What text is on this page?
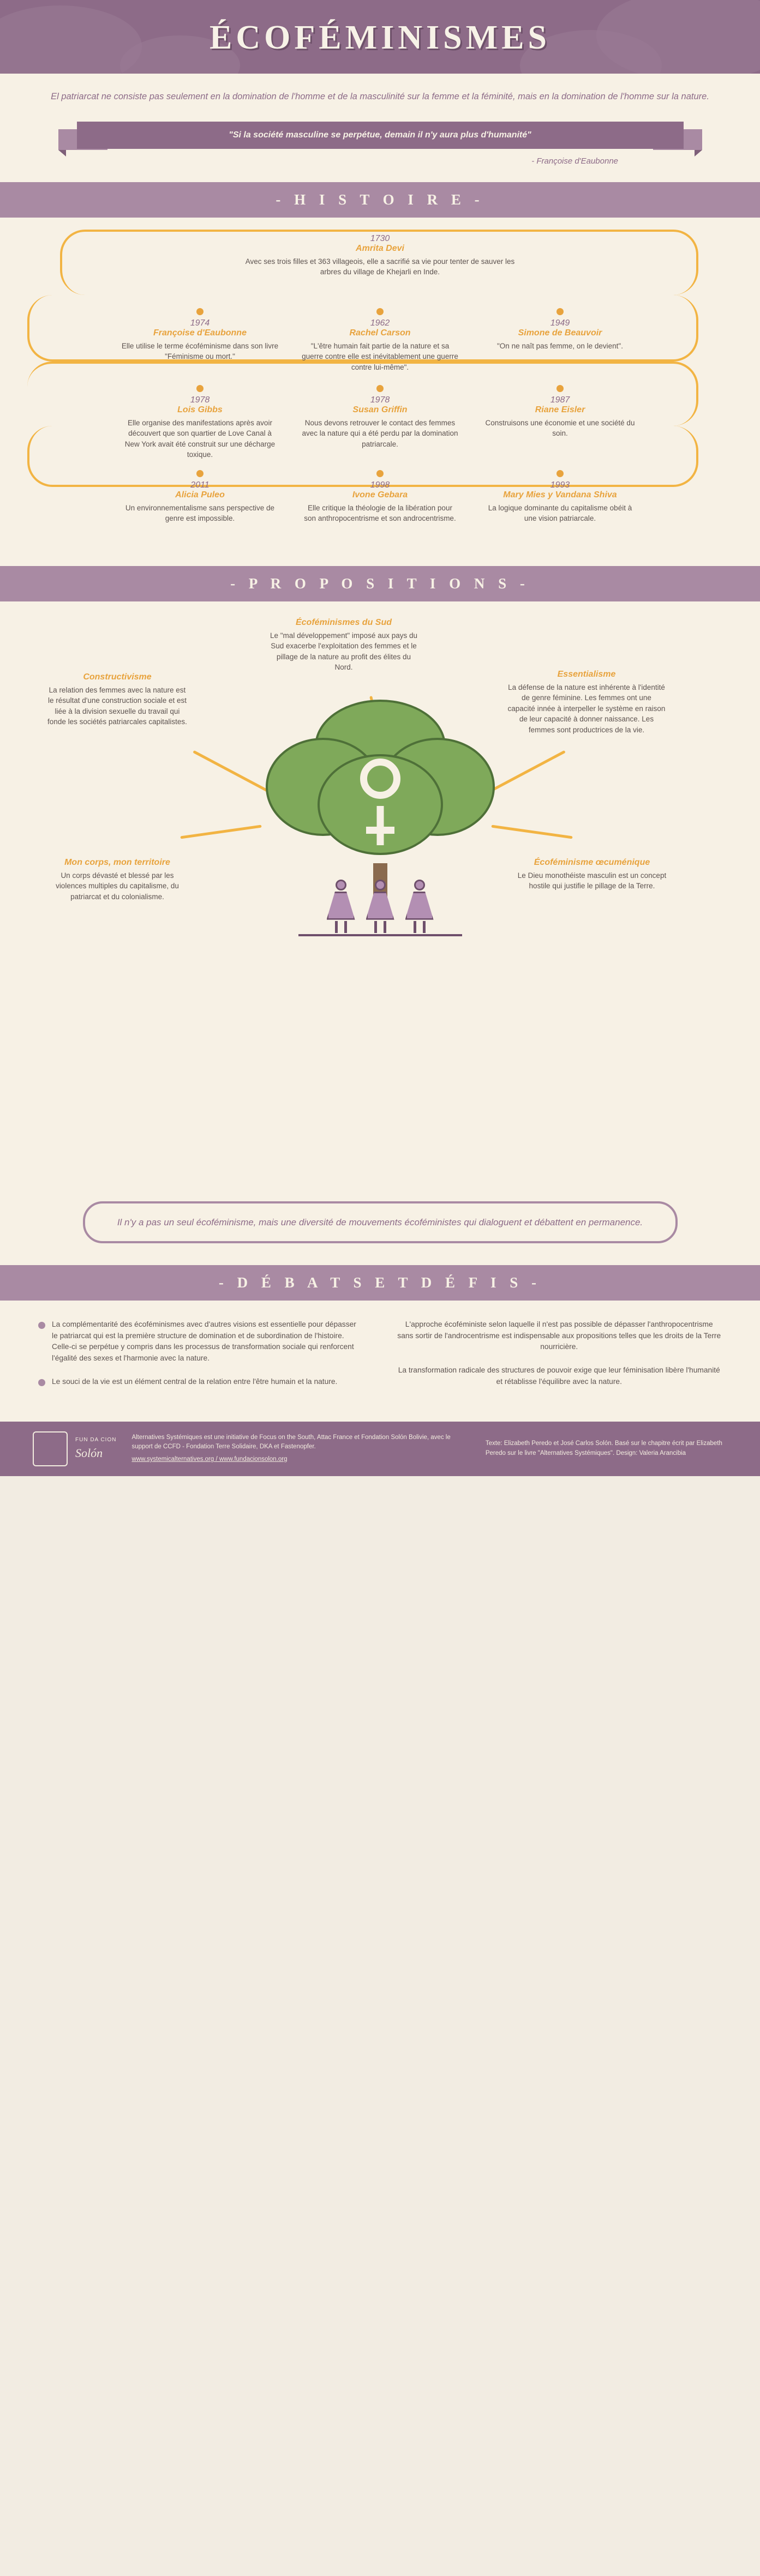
ÉCOFÉMINISMES

El patriarcat ne consiste pas seulement en la domination de l'homme et de la masculinité sur la femme et la féminité, mais en la domination de l'homme sur la nature.

"Si la société masculine se perpétue, demain il n'y aura plus d'humanité"
- Françoise d'Eaubonne
- H I S T O I R E -
1730
Amrita Devi
Avec ses trois filles et 363 villageois, elle a sacrifié sa vie pour tenter de sauver les arbres du village de Khejarli en Inde.
1974
Françoise d'Eaubonne
Elle utilise le terme écoféminisme dans son livre "Féminisme ou mort."
1962
Rachel Carson
"L'être humain fait partie de la nature et sa guerre contre elle est inévitablement une guerre contre lui-même".
1949
Simone de Beauvoir
"On ne naît pas femme, on le devient".
1978
Lois Gibbs
Elle organise des manifestations après avoir découvert que son quartier de Love Canal à New York avait été construit sur une décharge toxique.
1978
Susan Griffin
Nous devons retrouver le contact des femmes avec la nature qui a été perdu par la domination patriarcale.
1987
Riane Eisler
Construisons une économie et une société du soin.
2011
Alicia Puleo
Un environnementalisme sans perspective de genre est impossible.
1998
Ivone Gebara
Elle critique la théologie de la libération pour son anthropocentrisme et son androcentrisme.
1993
Mary Mies y Vandana Shiva
La logique dominante du capitalisme obéit à une vision patriarcale.
- P R O P O S I T I O N S -
Écoféminismes du Sud
Le "mal développement" imposé aux pays du Sud exacerbe l'exploitation des femmes et le pillage de la nature au profit des élites du Nord.
Constructivisme
La relation des femmes avec la nature est le résultat d'une construction sociale et est liée à la division sexuelle du travail qui fonde les sociétés patriarcales capitalistes.
Essentialisme
La défense de la nature est inhérente à l'identité de genre féminine. Les femmes ont une capacité innée à interpeller le système en raison de leur capacité à donner naissance. Les femmes sont productrices de la vie.
Mon corps, mon territoire
Un corps dévasté et blessé par les violences multiples du capitalisme, du patriarcat et du colonialisme.
Écoféminisme œcuménique
Le Dieu monothéiste masculin est un concept hostile qui justifie le pillage de la Terre.
Il n'y a pas un seul écoféminisme, mais une diversité de mouvements écoféministes qui dialoguent et débattent en permanence.
- D É B A T S E T D É F I S -
La complémentarité des écoféminismes avec d'autres visions est essentielle pour dépasser le patriarcat qui est la première structure de domination et de subordination de l'histoire. Celle-ci se perpétue y compris dans les processus de transformation sociale qui renforcent l'égalité des sexes et l'harmonie avec la nature.
Le souci de la vie est un élément central de la relation entre l'être humain et la nature.
L'approche écoféministe selon laquelle il n'est pas possible de dépasser l'anthropocentrisme sans sortir de l'androcentrisme est indispensable aux propositions telles que les droits de la Terre nourricière.
La transformation radicale des structures de pouvoir exige que leur féminisation libère l'humanité et rétablisse l'équilibre avec la nature.
FUN DA CION
Solón
Alternatives Systémiques est une initiative de Focus on the South, Attac France et Fondation Solón Bolivie, avec le support de CCFD - Fondation Terre Solidaire, DKA et Fastenopfer.
www.systemicalternatives.org / www.fundacionsolon.org
Texte: Elizabeth Peredo et José Carlos Solón. Basé sur le chapitre écrit par Elizabeth Peredo sur le livre "Alternatives Systémiques". Design: Valeria Arancibia
